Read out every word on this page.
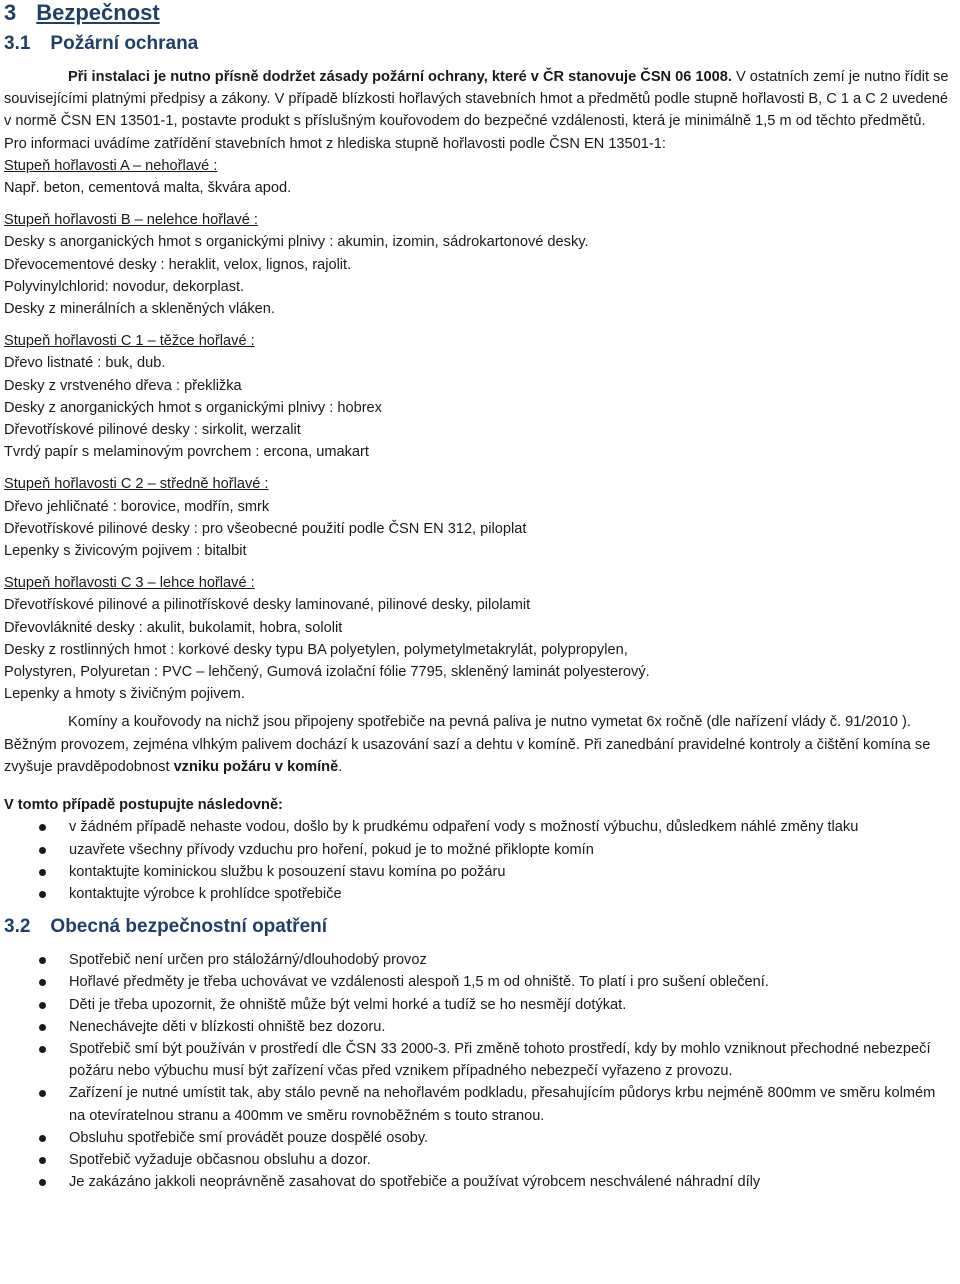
3 Bezpečnost
3.1 Požární ochrana

Při instalaci je nutno přísně dodržet zásady požární ochrany, které v ČR stanovuje ČSN 06 1008. V ostatních zemí je nutno řídit se souvisejícími platnými předpisy a zákony. V případě blízkosti hořlavých stavebních hmot a předmětů podle stupně hořlavosti B, C 1 a C 2 uvedené v normě ČSN EN 13501-1, postavte produkt s příslušným kouřovodem do bezpečné vzdálenosti, která je minimálně 1,5 m od těchto předmětů. Pro informaci uvádíme zatřídění stavebních hmot z hlediska stupně hořlavosti podle ČSN EN 13501-1:

Stupeň hořlavosti A – nehořlavé :
Např. beton, cementová malta, škvára apod.
Stupeň hořlavosti B – nelehce hořlavé :
Desky s anorganických hmot s organickými plnivy : akumin, izomin, sádrokartonové desky.
Dřevocementové desky : heraklit, velox, lignos, rajolit.
Polyvinylchlorid: novodur, dekorplast.
Desky z minerálních a skleněných vláken.
Stupeň hořlavosti C 1 – těžce hořlavé :
Dřevo listnaté : buk, dub.
Desky z vrstveného dřeva : překližka
Desky z anorganických hmot s organickými plnivy : hobrex
Dřevotřískové pilinové desky : sirkolit, werzalit
Tvrdý papír s melaminovým povrchem : ercona, umakart
Stupeň hořlavosti C 2 – středně hořlavé :
Dřevo jehličnaté : borovice, modřín, smrk
Dřevotřískové pilinové desky : pro všeobecné použití podle ČSN EN 312, piloplat
Lepenky s živicovým pojivem : bitalbit
Stupeň hořlavosti C 3 – lehce hořlavé :
Dřevotřískové pilinové a pilinotřískové desky laminované, pilinové desky, pilolamit
Dřevovláknité desky : akulit, bukolamit, hobra, sololit
Desky z rostlinných hmot : korkové desky typu BA polyetylen, polymetylmetakrylát, polypropylen,
Polystyren, Polyuretan : PVC – lehčený, Gumová izolační fólie 7795, skleněný laminát polyesterový.
Lepenky a hmoty s živičným pojivem.

Komíny a kouřovody na nichž jsou připojeny spotřebiče na pevná paliva je nutno vymetat 6x ročně (dle nařízení vlády č. 91/2010 ). Běžným provozem, zejména vlhkým palivem dochází k usazování sazí a dehtu v komíně. Při zanedbání pravidelné kontroly a čištění komína se zvyšuje pravděpodobnost vzniku požáru v komíně.

V tomto případě postupujte následovně:
v žádném případě nehaste vodou, došlo by k prudkému odpaření vody s možností výbuchu, důsledkem náhlé změny tlaku
uzavřete všechny přívody vzduchu pro hoření, pokud je to možné přiklopte komín
kontaktujte kominickou službu k posouzení stavu komína po požáru
kontaktujte výrobce k prohlídce spotřebiče
3.2 Obecná bezpečnostní opatření
Spotřebič není určen pro stáložárný/dlouhodobý provoz
Hořlavé předměty je třeba uchovávat ve vzdálenosti alespoň 1,5 m od ohniště. To platí i pro sušení oblečení.
Děti je třeba upozornit, že ohniště může být velmi horké a tudíž se ho nesmějí dotýkat.
Nenechávejte děti v blízkosti ohniště bez dozoru.
Spotřebič smí být používán v prostředí dle ČSN 33 2000-3. Při změně tohoto prostředí, kdy by mohlo vzniknout přechodné nebezpečí požáru nebo výbuchu musí být zařízení včas před vznikem případného nebezpečí vyřazeno z provozu.
Zařízení je nutné umístit tak, aby stálo pevně na nehořlavém podkladu, přesahujícím půdorys krbu nejméně 800mm ve směru kolmém na otevíratelnou stranu a 400mm ve směru rovnoběžném s touto stranou.
Obsluhu spotřebiče smí provádět pouze dospělé osoby.
Spotřebič vyžaduje občasnou obsluhu a dozor.
Je zakázáno jakkoli neoprávněně zasahovat do spotřebiče a používat výrobcem neschválené náhradní díly
